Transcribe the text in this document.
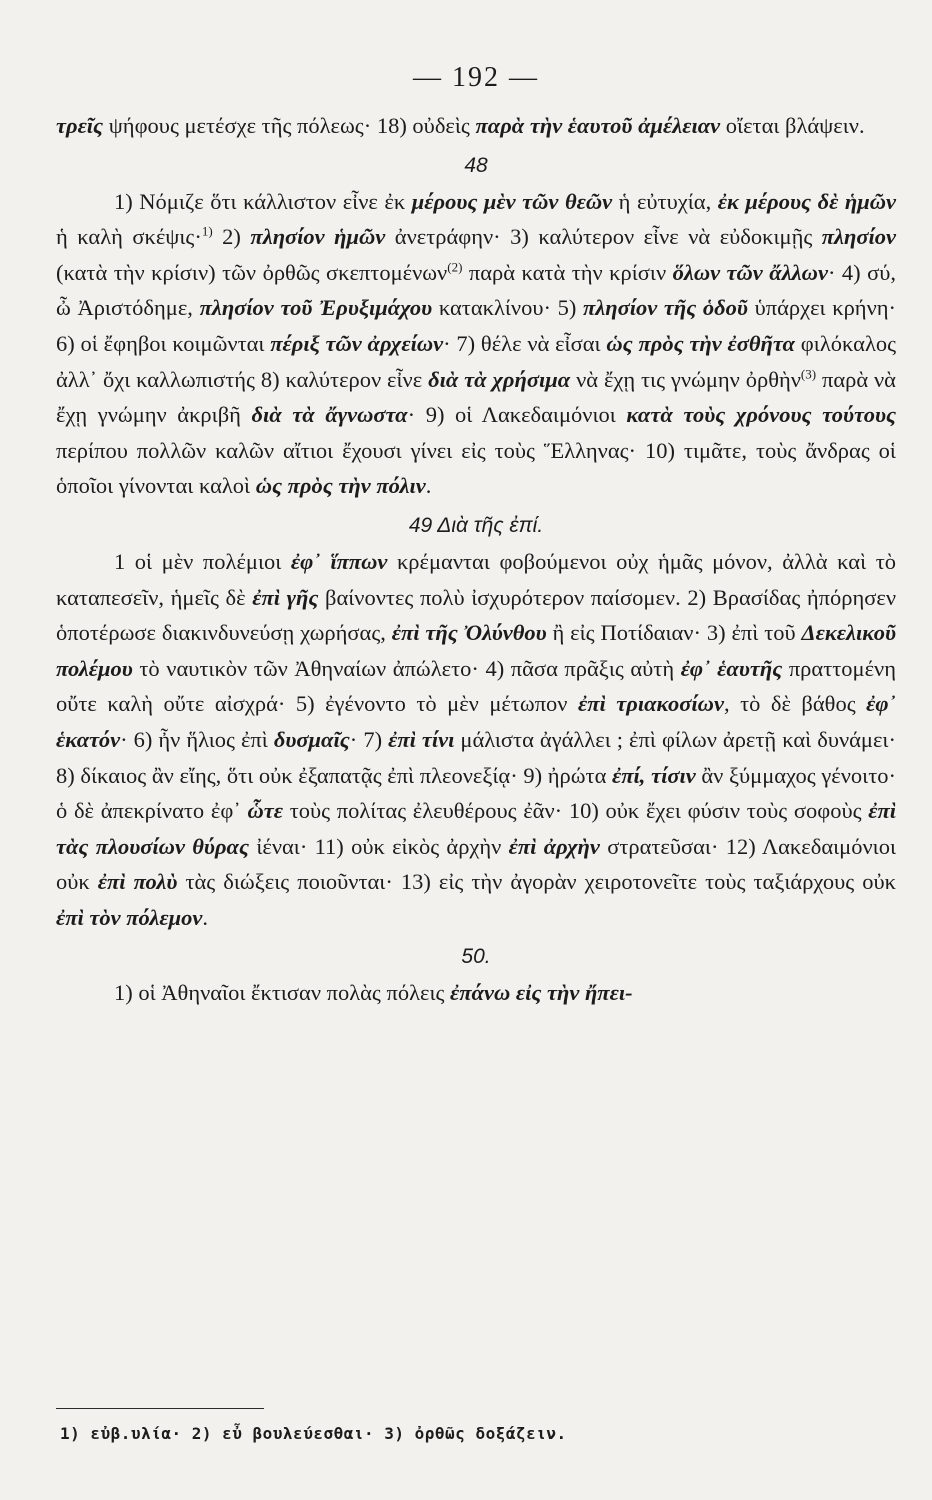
— 192 —

τρεῖς ψήφους μετέσχε τῆς πόλεως· 18) οὐδεὶς παρὰ τὴν ἑαυτοῦ ἀμέλειαν οἴεται βλάψειν.

48

1) Νόμιζε ὅτι κάλλιστον εἶνε ἐκ μέρους μὲν τῶν θεῶν ἡ εὐτυχία, ἐκ μέρους δὲ ἡμῶν ἡ καλὴ σκέψις·$^{1)}$ 2) πλησίον ἡμῶν ἀνετράφην· 3) καλύτερον εἶνε νὰ εὐδοκιμῇς πλησίον (κατὰ τὴν κρίσιν) τῶν ὀρθῶς σκεπτομένων$^{(2)}$ παρὰ κατὰ τὴν κρίσιν ὅλων τῶν ἄλλων· 4) σύ, ὦ Ἀριστόδημε, πλησίον τοῦ Ἐρυξιμάχου κατακλίνου· 5) πλησίον τῆς ὁδοῦ ὑπάρχει κρήνη· 6) οἱ ἔφηβοι κοιμῶνται πέριξ τῶν ἀρχείων· 7) θέλε νὰ εἶσαι ὡς πρὸς τὴν ἐσθῆτα φιλόκαλος ἀλλ᾽ ὄχι καλλωπιστής 8) καλύτερον εἶνε διὰ τὰ χρήσιμα νὰ ἔχῃ τις γνώμην ὀρθὴν$^{(3)}$ παρὰ νὰ ἔχῃ γνώμην ἀκριβῆ διὰ τὰ ἄγνωστα· 9) οἱ Λακεδαιμόνιοι κατὰ τοὺς χρόνους τούτους περίπου πολλῶν καλῶν αἴτιοι ἔχουσι γίνει εἰς τοὺς Ἕλληνας· 10) τιμᾶτε, τοὺς ἄνδρας οἱ ὁποῖοι γίνονται καλοὶ ὡς πρὸς τὴν πόλιν.

49 Διὰ τῆς ἐπί.

1 οἱ μὲν πολέμιοι ἐφ᾽ ἵππων κρέμανται φοβούμενοι οὐχ ἡμᾶς μόνον, ἀλλὰ καὶ τὸ καταπεσεῖν, ἡμεῖς δὲ ἐπὶ γῆς βαίνοντες πολὺ ἰσχυρότερον παίσομεν. 2) Βρασίδας ἠπόρησεν ὁποτέρωσε διακινδυνεύσῃ χωρήσας, ἐπὶ τῆς Ὀλύνθου ἢ εἰς Ποτίδαιαν· 3) ἐπὶ τοῦ Δεκελικοῦ πολέμου τὸ ναυτικὸν τῶν Ἀθηναίων ἀπώλετο· 4) πᾶσα πρᾶξις αὐτὴ ἐφ᾽ ἑαυτῆς πραττομένη οὔτε καλὴ οὔτε αἰσχρά· 5) ἐγένοντο τὸ μὲν μέτωπον ἐπὶ τριακοσίων, τὸ δὲ βάθος ἐφ᾽ ἑκατόν· 6) ἦν ἥλιος ἐπὶ δυσμαῖς· 7) ἐπὶ τίνι μάλιστα ἀγάλλει ; ἐπὶ φίλων ἀρετῇ καὶ δυνάμει· 8) δίκαιος ἂν εἴης, ὅτι οὐκ ἐξαπατᾷς ἐπὶ πλεονεξίᾳ· 9) ἠρώτα ἐπί, τίσιν ἂν ξύμμαχος γένοιτο· ὁ δὲ ἀπεκρίνατο ἐφ᾽ ὧτε τοὺς πολίτας ἐλευθέρους ἐᾶν· 10) οὐκ ἔχει φύσιν τοὺς σοφοὺς ἐπὶ τὰς πλουσίων θύρας ἰέναι· 11) οὐκ εἰκὸς ἀρχὴν ἐπὶ ἀρχὴν στρατεῦσαι· 12) Λακεδαιμόνιοι οὐκ ἐπὶ πολὺ τὰς διώξεις ποιοῦνται· 13) εἰς τὴν ἀγορὰν χειροτονεῖτε τοὺς ταξιάρχους οὐκ ἐπὶ τὸν πόλεμον.

50.

1) οἱ Ἀθηναῖοι ἔκτισαν πολὰς πόλεις ἐπάνω εἰς τὴν ἤπει-

1) εὐβ.υλία· 2) εὖ βουλεύεσθαι· 3) ὀρθῶς δοξάζειν.
